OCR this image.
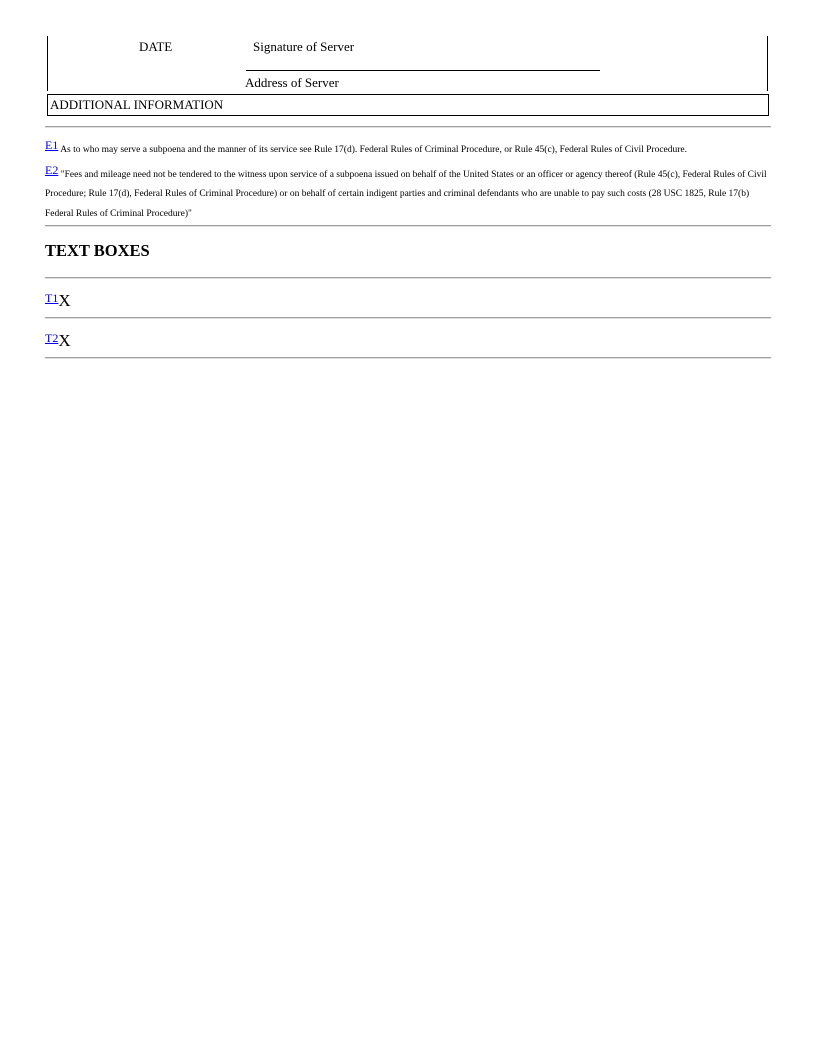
DATE	Signature of Server
Address of Server
ADDITIONAL INFORMATION

E1 As to who may serve a subpoena and the manner of its service see Rule 17(d). Federal Rules of Criminal Procedure, or Rule 45(c), Federal Rules of Civil Procedure.

E2 "Fees and mileage need not be tendered to the witness upon service of a subpoena issued on behalf of the United States or an officer or agency thereof (Rule 45(c), Federal Rules of Civil Procedure; Rule 17(d), Federal Rules of Criminal Procedure) or on behalf of certain indigent parties and criminal defendants who are unable to pay such costs (28 USC 1825, Rule 17(b) Federal Rules of Criminal Procedure)"

TEXT BOXES
$^{T1}$X
$^{T2}$X
